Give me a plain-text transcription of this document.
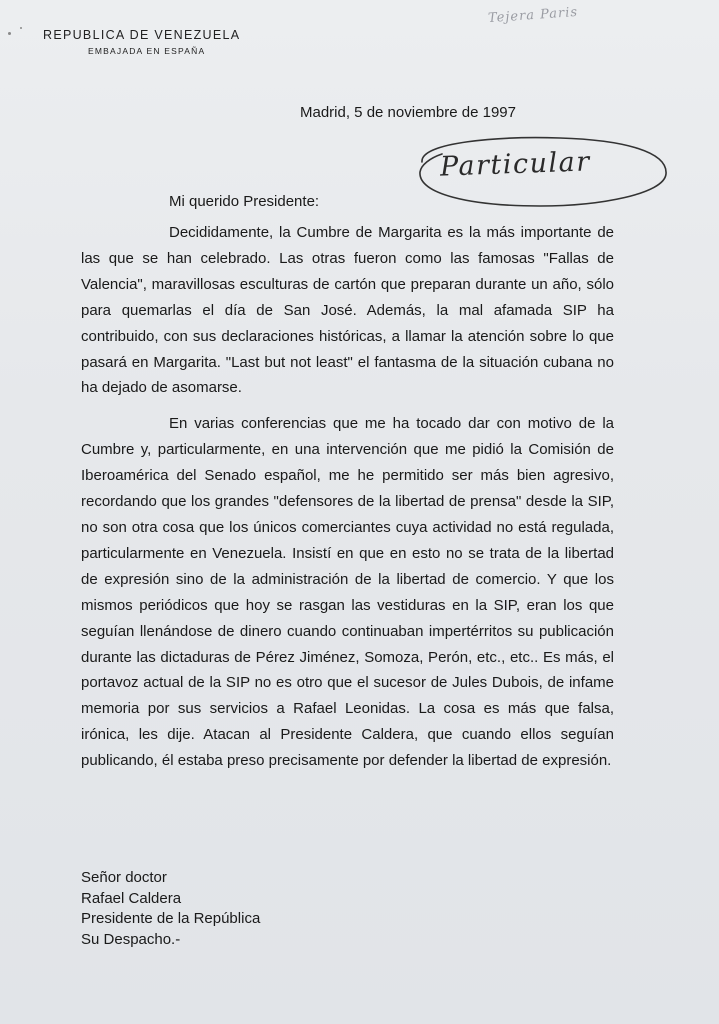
REPUBLICA DE VENEZUELA
EMBAJADA EN ESPAÑA
Tejera Paris
Madrid, 5 de noviembre de 1997
Particular
Mi querido Presidente:

Decididamente, la Cumbre de Margarita es la más importante de las que se han celebrado. Las otras fueron como las famosas "Fallas de Valencia", maravillosas esculturas de cartón que preparan durante un año, sólo para quemarlas el día de San José. Además, la mal afamada SIP ha contribuido, con sus declaraciones históricas, a llamar la atención sobre lo que pasará en Margarita. "Last but not least" el fantasma de la situación cubana no ha dejado de asomarse.

En varias conferencias que me ha tocado dar con motivo de la Cumbre y, particularmente, en una intervención que me pidió la Comisión de Iberoamérica del Senado español, me he permitido ser más bien agresivo, recordando que los grandes "defensores de la libertad de prensa" desde la SIP, no son otra cosa que los únicos comerciantes cuya actividad no está regulada, particularmente en Venezuela. Insistí en que en esto no se trata de la libertad de expresión sino de la administración de la libertad de comercio. Y que los mismos periódicos que hoy se rasgan las vestiduras en la SIP, eran los que seguían llenándose de dinero cuando continuaban impertérritos su publicación durante las dictaduras de Pérez Jiménez, Somoza, Perón, etc., etc.. Es más, el portavoz actual de la SIP no es otro que el sucesor de Jules Dubois, de infame memoria por sus servicios a Rafael Leonidas. La cosa es más que falsa, irónica, les dije. Atacan al Presidente Caldera, que cuando ellos seguían publicando, él estaba preso precisamente por defender la libertad de expresión.

Señor doctor
Rafael Caldera
Presidente de la República
Su Despacho.-
